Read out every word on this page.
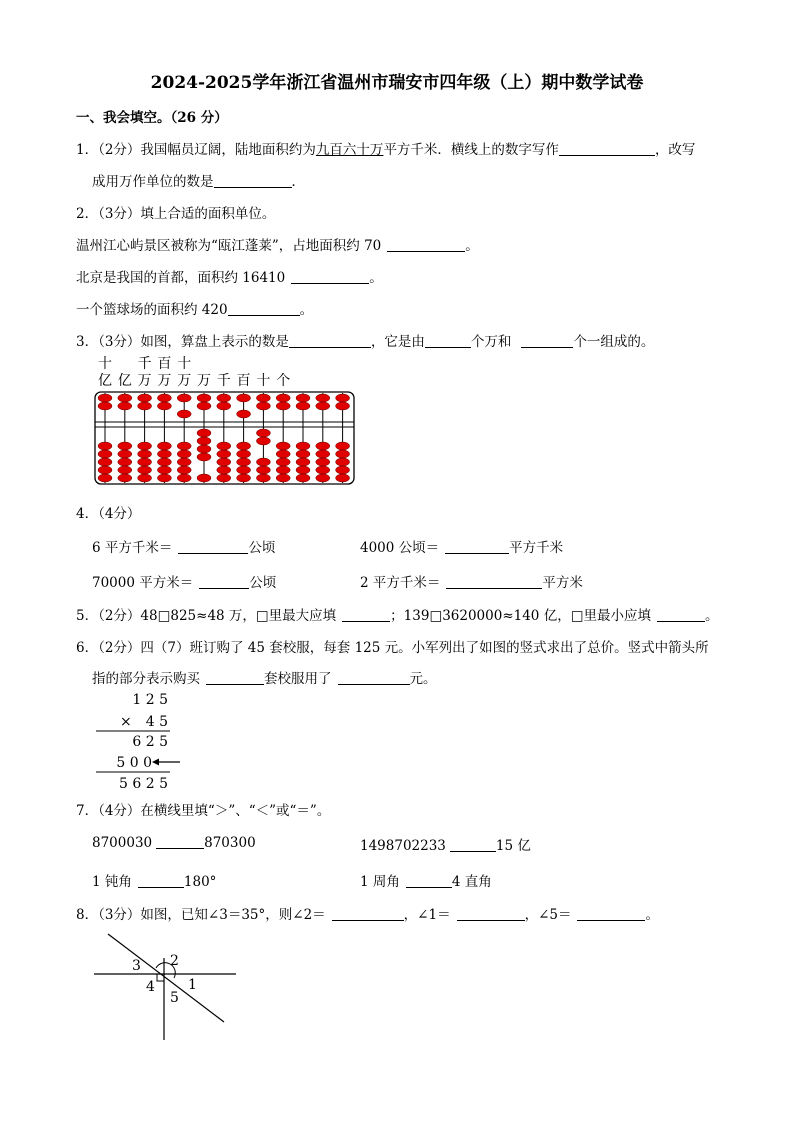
2024-2025学年浙江省温州市瑞安市四年级（上）期中数学试卷
一、我会填空。（26 分）
1．（2分）我国幅员辽阔，陆地面积约为九百六十万平方千米．横线上的数字写作	，改写
成用万作单位的数是	．
2．（3分）填上合适的面积单位。
温州江心屿景区被称为“瓯江蓬莱”，占地面积约 70	。
北京是我国的首都，面积约 16410	。
一个篮球场的面积约 420	。
3．（3分）如图，算盘上表示的数是	，它是由	个万和	个一组成的。
十 千 百 十
亿 亿 万 万 万 万 千 百 十 个
4．（4分）
6 平方千米＝	公顷	4000 公顷＝	平方千米
70000 平方米＝	公顷	2 平方千米＝	平方米
5．（2分）48□825≈48 万，□里最大应填	；139□3620000≈140 亿，□里最小应填	。
6．（2分）四（7）班订购了 45 套校服，每套 125 元。小军列出了如图的竖式求出了总价。竖式中箭头所
指的部分表示购买	套校服用了	元。
1 2 5
×　4 5
6 2 5
5 0 0
5 6 2 5
7．（4分）在横线里填“＞”、“＜”或“＝”。
8700030	870300	1498702233	15 亿
1 钝角	180°	1 周角	4 直角
8．（3分）如图，已知∠3＝35°，则∠2＝	，∠1＝	，∠5＝	。
3 2
4 1
5
